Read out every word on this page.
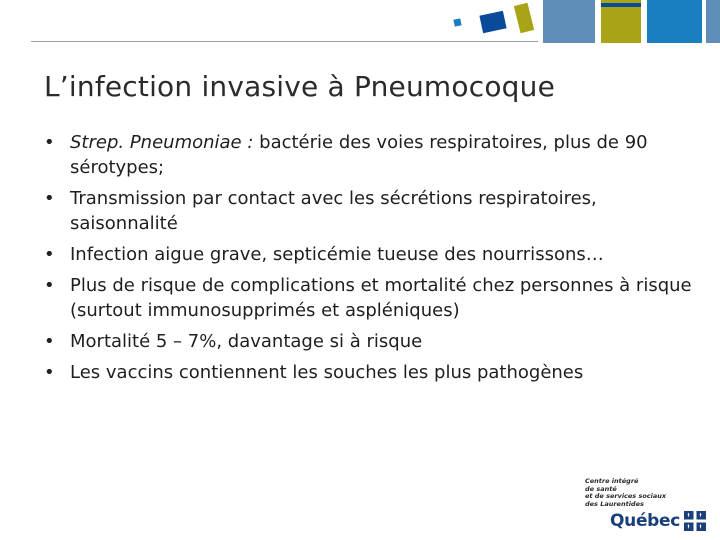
L’infection invasive à Pneumocoque
• Strep. Pneumoniae : bactérie des voies respiratoires, plus de 90 sérotypes;
• Transmission par contact avec les sécrétions respiratoires, saisonnalité
• Infection aigue grave, septicémie tueuse des nourrissons…
• Plus de risque de complications et mortalité chez personnes à risque (surtout immunosupprimés et aspléniques)
• Mortalité 5 – 7%, davantage si à risque
• Les vaccins contiennent les souches les plus pathogènes
Centre intégré
de santé
et de services sociaux
des Laurentides
Québec
